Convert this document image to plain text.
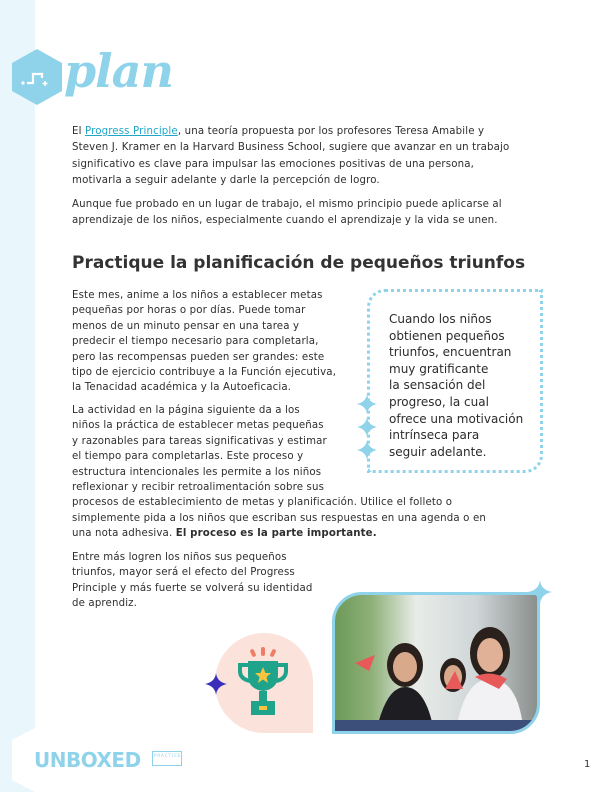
plan
El Progress Principle, una teoría propuesta por los profesores Teresa Amabile y
Steven J. Kramer en la Harvard Business School, sugiere que avanzar en un trabajo
significativo es clave para impulsar las emociones positivas de una persona,
motivarla a seguir adelante y darle la percepción de logro.
Aunque fue probado en un lugar de trabajo, el mismo principio puede aplicarse al
aprendizaje de los niños, especialmente cuando el aprendizaje y la vida se unen.
Practique la planificación de pequeños triunfos
Este mes, anime a los niños a establecer metas
pequeñas por horas o por días. Puede tomar
menos de un minuto pensar en una tarea y
predecir el tiempo necesario para completarla,
pero las recompensas pueden ser grandes: este
tipo de ejercicio contribuye a la Función ejecutiva,
la Tenacidad académica y la Autoeficacia.
La actividad en la página siguiente da a los
niños la práctica de establecer metas pequeñas
y razonables para tareas significativas y estimar
el tiempo para completarlas. Este proceso y
estructura intencionales les permite a los niños
reflexionar y recibir retroalimentación sobre sus
procesos de establecimiento de metas y planificación. Utilice el folleto o
simplemente pida a los niños que escriban sus respuestas en una agenda o en
una nota adhesiva. El proceso es la parte importante.
Entre más logren los niños sus pequeños
triunfos, mayor será el efecto del Progress
Principle y más fuerte se volverá su identidad
de aprendiz.
Cuando los niños
obtienen pequeños
triunfos, encuentran
muy gratificante
la sensación del
progreso, la cual
ofrece una motivación
intrínseca para
seguir adelante.
UNBOXED	PRACTICE
1
